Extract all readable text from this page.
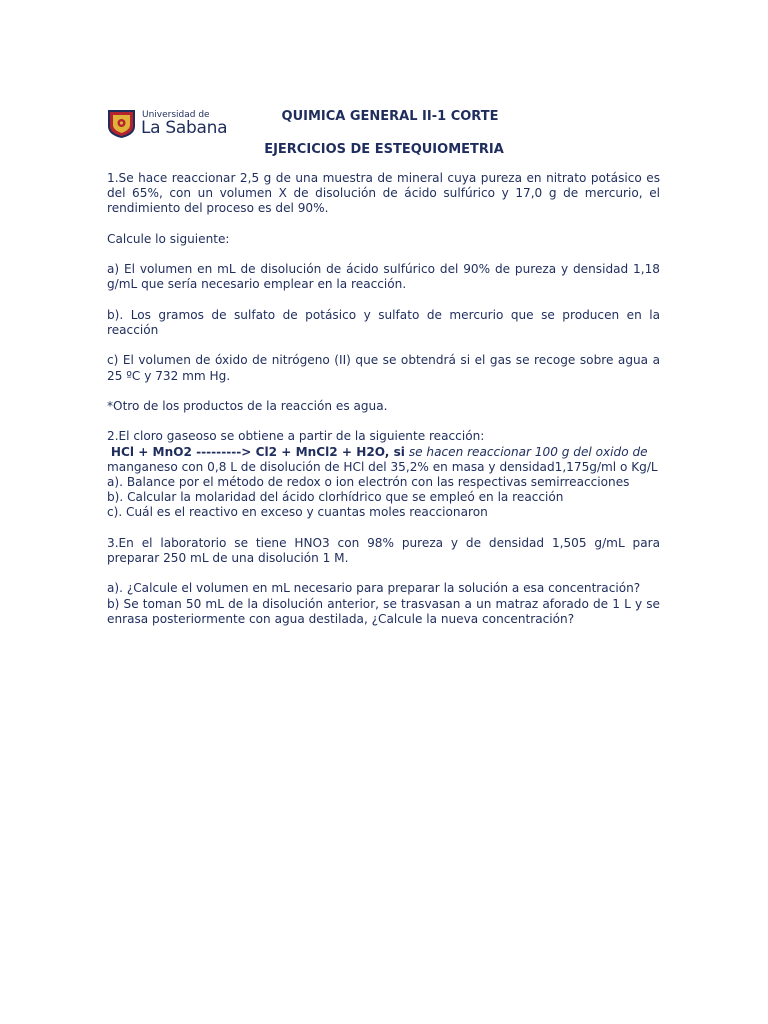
Universidad de
La Sabana
QUIMICA GENERAL II-1 CORTE
EJERCICIOS DE ESTEQUIOMETRIA

1.Se hace reaccionar 2,5 g de una muestra de mineral cuya pureza en nitrato potásico es del 65%, con un volumen X de disolución de ácido sulfúrico y 17,0 g de mercurio, el rendimiento del proceso es del 90%.

Calcule lo siguiente:

a) El volumen en mL de disolución de ácido sulfúrico del 90% de pureza y densidad 1,18 g/mL que sería necesario emplear en la reacción.

b). Los gramos de sulfato de potásico y sulfato de mercurio que se producen en la reacción

c) El volumen de óxido de nitrógeno (II) que se obtendrá si el gas se recoge sobre agua a 25 ºC y 732 mm Hg.

*Otro de los productos de la reacción es agua.

2.El cloro gaseoso se obtiene a partir de la siguiente reacción:

HCl + MnO2 ---------> Cl2 + MnCl2 + H2O, si se hacen reaccionar 100 g del oxido de manganeso con 0,8 L de disolución de HCl del 35,2% en masa y densidad1,175g/ml o Kg/L

a). Balance por el método de redox o ion electrón con las respectivas semirreacciones

b). Calcular la molaridad del ácido clorhídrico que se empleó en la reacción

c). Cuál es el reactivo en exceso y cuantas moles reaccionaron

3.En el laboratorio se tiene HNO3 con 98% pureza y de densidad 1,505 g/mL para preparar 250 mL de una disolución 1 M.

a). ¿Calcule el volumen en mL necesario para preparar la solución a esa concentración?

b) Se toman 50 mL de la disolución anterior, se trasvasan a un matraz aforado de 1 L y se enrasa posteriormente con agua destilada, ¿Calcule la nueva concentración?
